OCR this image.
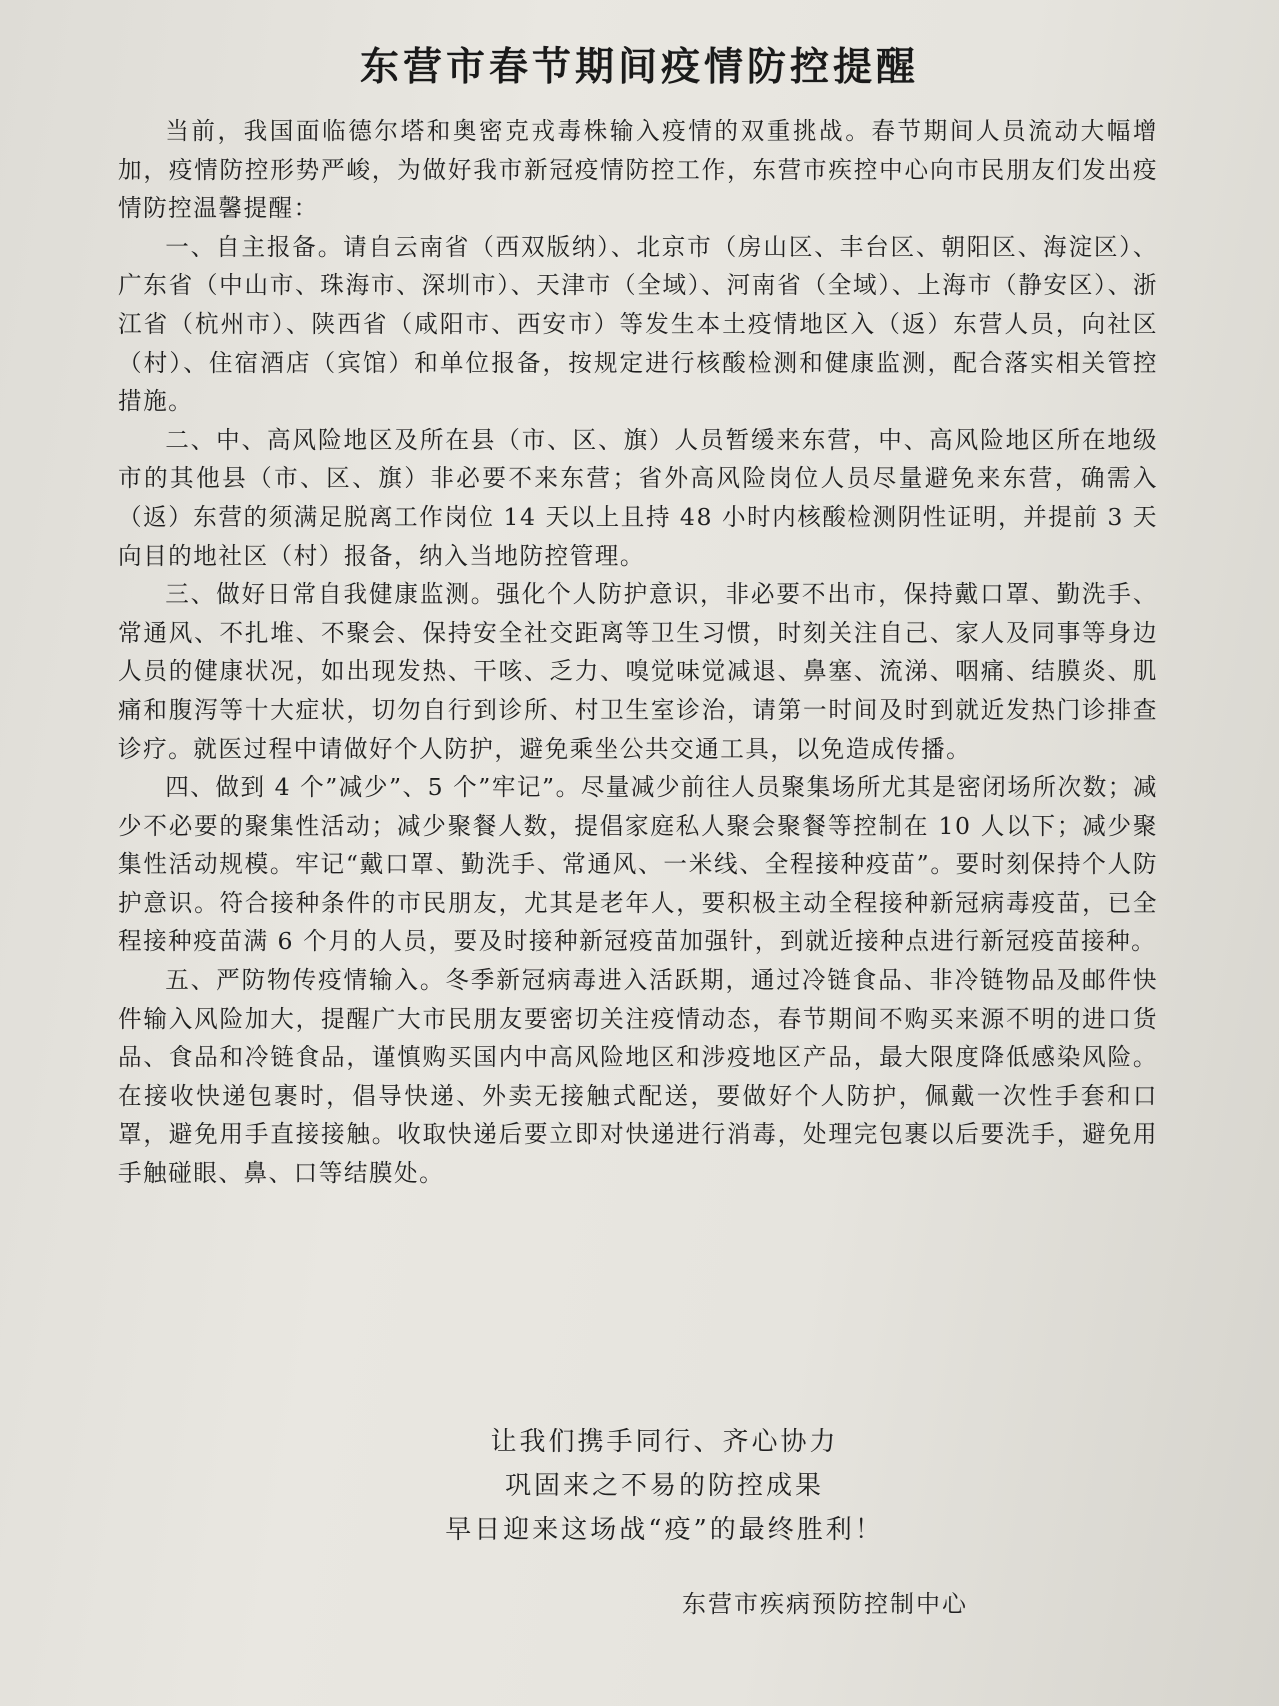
东营市春节期间疫情防控提醒

当前，我国面临德尔塔和奥密克戎毒株输入疫情的双重挑战。春节期间人员流动大幅增加，疫情防控形势严峻，为做好我市新冠疫情防控工作，东营市疾控中心向市民朋友们发出疫情防控温馨提醒：

一、自主报备。请自云南省（西双版纳）、北京市（房山区、丰台区、朝阳区、海淀区）、广东省（中山市、珠海市、深圳市）、天津市（全域）、河南省（全域）、上海市（静安区）、浙江省（杭州市）、陕西省（咸阳市、西安市）等发生本土疫情地区入（返）东营人员，向社区（村）、住宿酒店（宾馆）和单位报备，按规定进行核酸检测和健康监测，配合落实相关管控措施。

二、中、高风险地区及所在县（市、区、旗）人员暂缓来东营，中、高风险地区所在地级市的其他县（市、区、旗）非必要不来东营；省外高风险岗位人员尽量避免来东营，确需入（返）东营的须满足脱离工作岗位 14 天以上且持 48 小时内核酸检测阴性证明，并提前 3 天向目的地社区（村）报备，纳入当地防控管理。

三、做好日常自我健康监测。强化个人防护意识，非必要不出市，保持戴口罩、勤洗手、常通风、不扎堆、不聚会、保持安全社交距离等卫生习惯，时刻关注自己、家人及同事等身边人员的健康状况，如出现发热、干咳、乏力、嗅觉味觉减退、鼻塞、流涕、咽痛、结膜炎、肌痛和腹泻等十大症状，切勿自行到诊所、村卫生室诊治，请第一时间及时到就近发热门诊排查诊疗。就医过程中请做好个人防护，避免乘坐公共交通工具，以免造成传播。

四、做到 4 个”减少”、5 个”牢记”。尽量减少前往人员聚集场所尤其是密闭场所次数；减少不必要的聚集性活动；减少聚餐人数，提倡家庭私人聚会聚餐等控制在 10 人以下；减少聚集性活动规模。牢记“戴口罩、勤洗手、常通风、一米线、全程接种疫苗”。要时刻保持个人防护意识。符合接种条件的市民朋友，尤其是老年人，要积极主动全程接种新冠病毒疫苗，已全程接种疫苗满 6 个月的人员，要及时接种新冠疫苗加强针，到就近接种点进行新冠疫苗接种。

五、严防物传疫情输入。冬季新冠病毒进入活跃期，通过冷链食品、非冷链物品及邮件快件输入风险加大，提醒广大市民朋友要密切关注疫情动态，春节期间不购买来源不明的进口货品、食品和冷链食品，谨慎购买国内中高风险地区和涉疫地区产品，最大限度降低感染风险。在接收快递包裹时，倡导快递、外卖无接触式配送，要做好个人防护，佩戴一次性手套和口罩，避免用手直接接触。收取快递后要立即对快递进行消毒，处理完包裹以后要洗手，避免用手触碰眼、鼻、口等结膜处。

让我们携手同行、齐心协力
巩固来之不易的防控成果
早日迎来这场战“疫”的最终胜利！
东营市疾病预防控制中心
